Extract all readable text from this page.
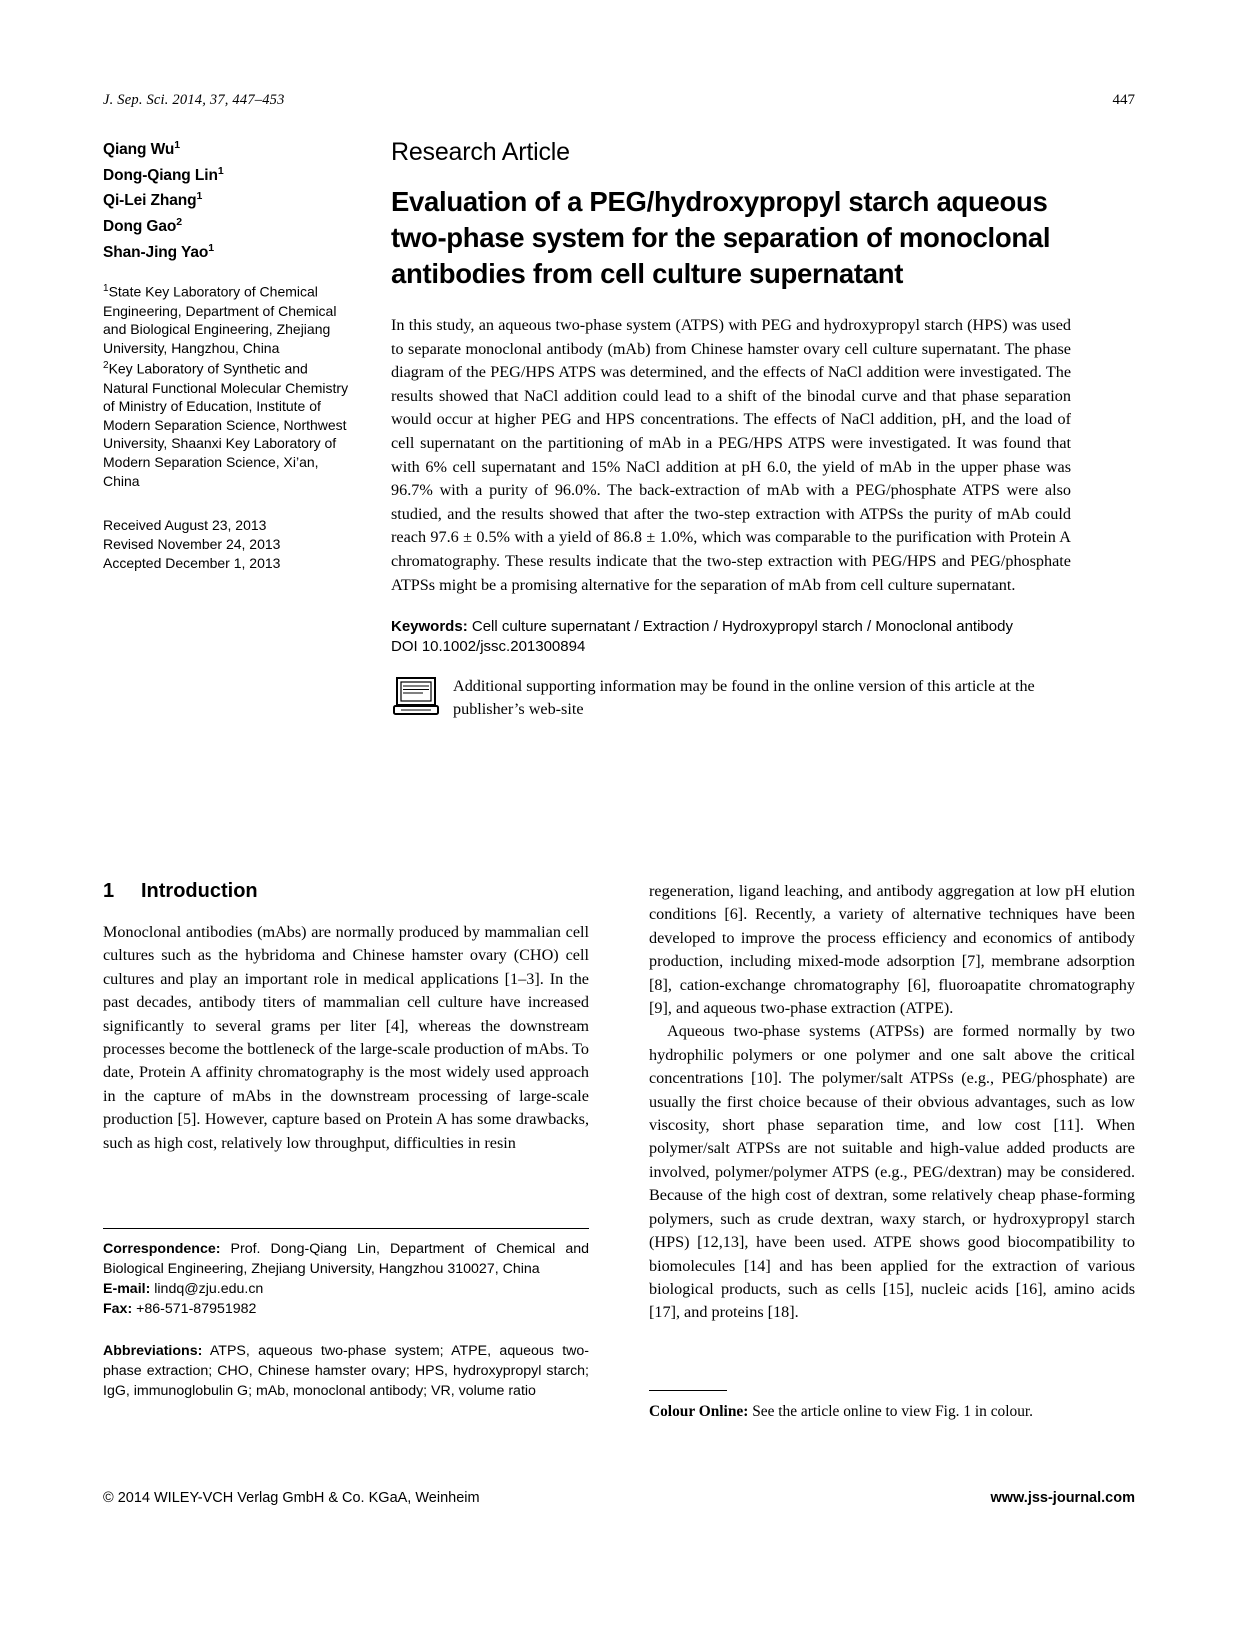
J. Sep. Sci. 2014, 37, 447–453	447
Qiang Wu$^1$
Dong-Qiang Lin$^1$
Qi-Lei Zhang$^1$
Dong Gao$^2$
Shan-Jing Yao$^1$

$^1$State Key Laboratory of Chemical Engineering, Department of Chemical and Biological Engineering, Zhejiang University, Hangzhou, China

$^2$Key Laboratory of Synthetic and Natural Functional Molecular Chemistry of Ministry of Education, Institute of Modern Separation Science, Northwest University, Shaanxi Key Laboratory of Modern Separation Science, Xi’an, China

Received August 23, 2013

Revised November 24, 2013

Accepted December 1, 2013

Research Article
Evaluation of a PEG/hydroxypropyl starch aqueous two-phase system for the separation of monoclonal antibodies from cell culture supernatant

In this study, an aqueous two-phase system (ATPS) with PEG and hydroxypropyl starch (HPS) was used to separate monoclonal antibody (mAb) from Chinese hamster ovary cell culture supernatant. The phase diagram of the PEG/HPS ATPS was determined, and the effects of NaCl addition were investigated. The results showed that NaCl addition could lead to a shift of the binodal curve and that phase separation would occur at higher PEG and HPS concentrations. The effects of NaCl addition, pH, and the load of cell supernatant on the partitioning of mAb in a PEG/HPS ATPS were investigated. It was found that with 6% cell supernatant and 15% NaCl addition at pH 6.0, the yield of mAb in the upper phase was 96.7% with a purity of 96.0%. The back-extraction of mAb with a PEG/phosphate ATPS were also studied, and the results showed that after the two-step extraction with ATPSs the purity of mAb could reach 97.6 ± 0.5% with a yield of 86.8 ± 1.0%, which was comparable to the purification with Protein A chromatography. These results indicate that the two-step extraction with PEG/HPS and PEG/phosphate ATPSs might be a promising alternative for the separation of mAb from cell culture supernatant.

Keywords: Cell culture supernatant / Extraction / Hydroxypropyl starch / Monoclonal antibody
DOI 10.1002/jssc.201300894
Additional supporting information may be found in the online version of this article at the publisher’s web-site
1 Introduction

Monoclonal antibodies (mAbs) are normally produced by mammalian cell cultures such as the hybridoma and Chinese hamster ovary (CHO) cell cultures and play an important role in medical applications [1–3]. In the past decades, antibody titers of mammalian cell culture have increased significantly to several grams per liter [4], whereas the downstream processes become the bottleneck of the large-scale production of mAbs. To date, Protein A affinity chromatography is the most widely used approach in the capture of mAbs in the downstream processing of large-scale production [5]. However, capture based on Protein A has some drawbacks, such as high cost, relatively low throughput, difficulties in resin

regeneration, ligand leaching, and antibody aggregation at low pH elution conditions [6]. Recently, a variety of alternative techniques have been developed to improve the process efficiency and economics of antibody production, including mixed-mode adsorption [7], membrane adsorption [8], cation-exchange chromatography [6], fluoroapatite chromatography [9], and aqueous two-phase extraction (ATPE).

Aqueous two-phase systems (ATPSs) are formed normally by two hydrophilic polymers or one polymer and one salt above the critical concentrations [10]. The polymer/salt ATPSs (e.g., PEG/phosphate) are usually the first choice because of their obvious advantages, such as low viscosity, short phase separation time, and low cost [11]. When polymer/salt ATPSs are not suitable and high-value added products are involved, polymer/polymer ATPS (e.g., PEG/dextran) may be considered. Because of the high cost of dextran, some relatively cheap phase-forming polymers, such as crude dextran, waxy starch, or hydroxypropyl starch (HPS) [12,13], have been used. ATPE shows good biocompatibility to biomolecules [14] and has been applied for the extraction of various biological products, such as cells [15], nucleic acids [16], amino acids [17], and proteins [18].

Correspondence: Prof. Dong-Qiang Lin, Department of Chemical and Biological Engineering, Zhejiang University, Hangzhou 310027, China
E-mail: lindq@zju.edu.cn
Fax: +86-571-87951982

Abbreviations: ATPS, aqueous two-phase system; ATPE, aqueous two-phase extraction; CHO, Chinese hamster ovary; HPS, hydroxypropyl starch; IgG, immunoglobulin G; mAb, monoclonal antibody; VR, volume ratio

Colour Online: See the article online to view Fig. 1 in colour.

© 2014 WILEY-VCH Verlag GmbH & Co. KGaA, Weinheim	www.jss-journal.com
